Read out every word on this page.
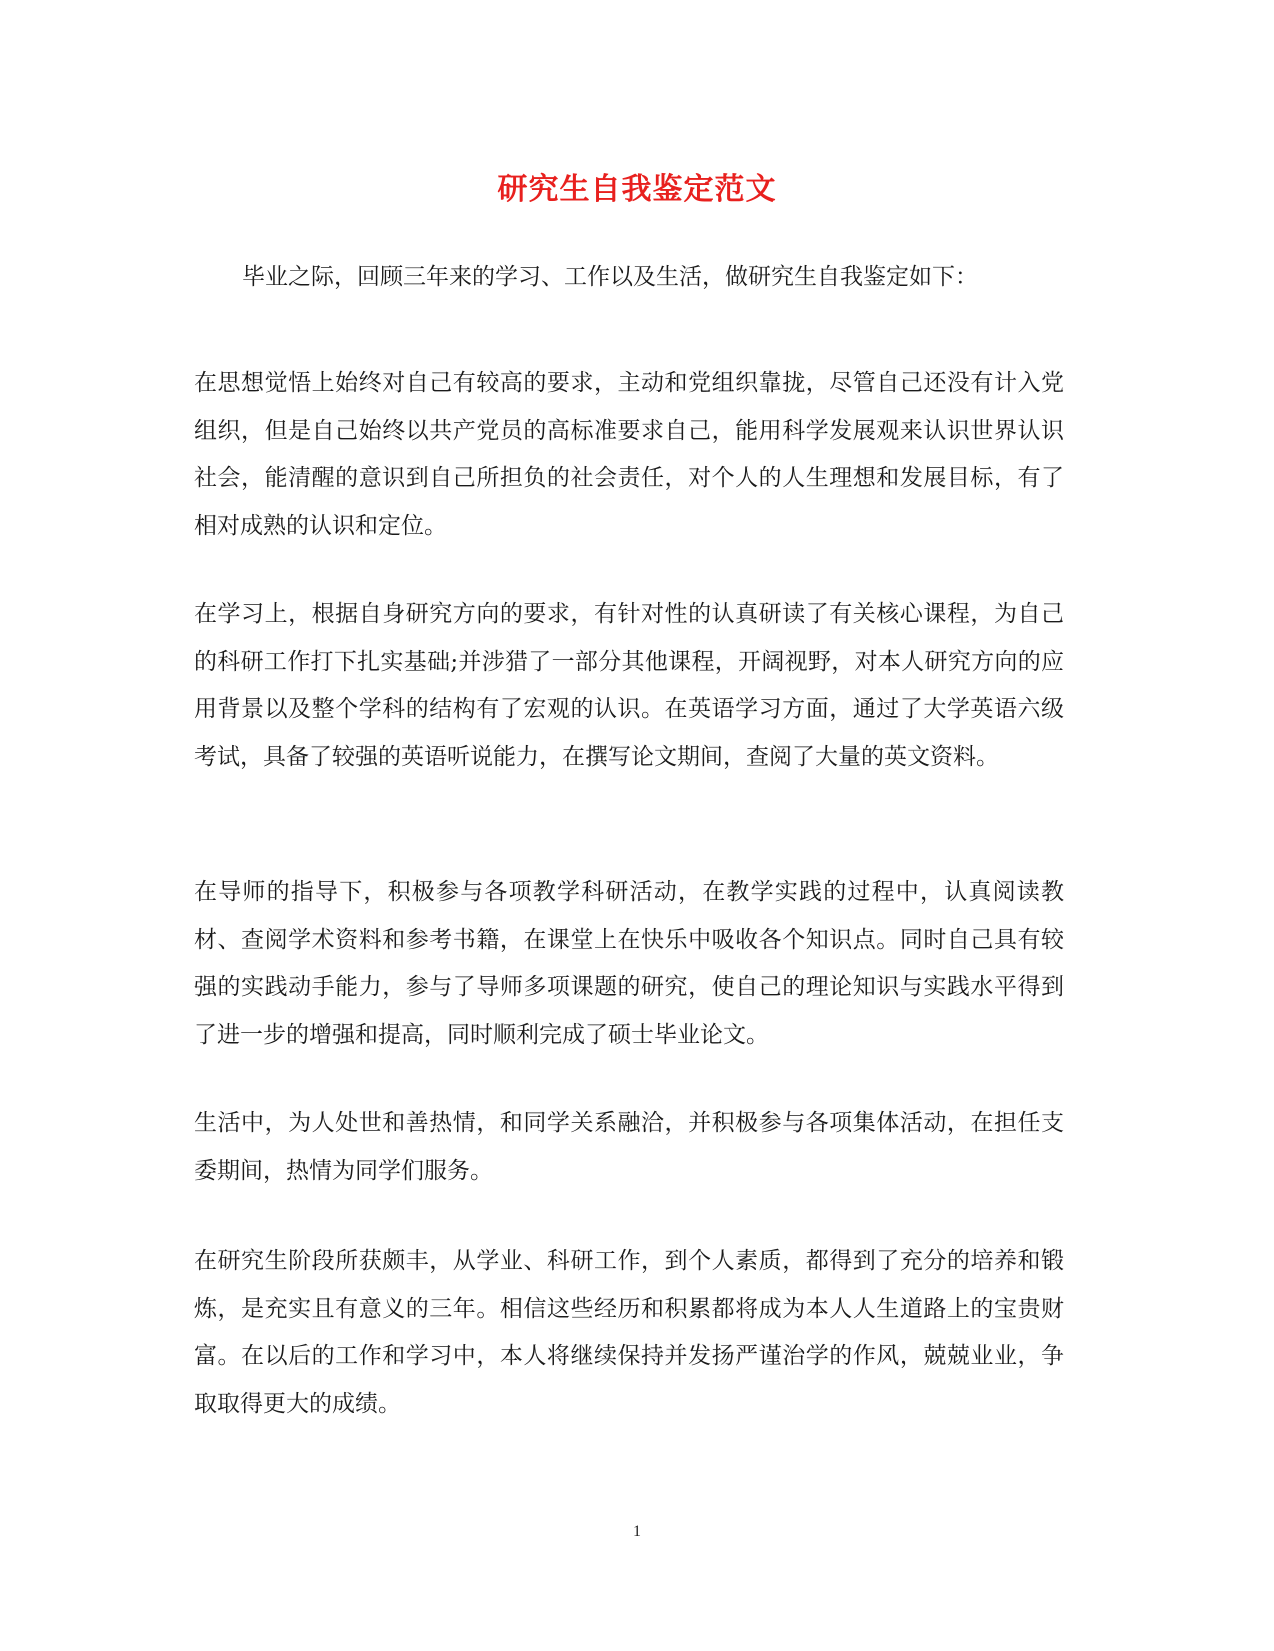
研究生自我鉴定范文

毕业之际，回顾三年来的学习、工作以及生活，做研究生自我鉴定如下：

在思想觉悟上始终对自己有较高的要求，主动和党组织靠拢，尽管自己还没有计入党组织，但是自己始终以共产党员的高标准要求自己，能用科学发展观来认识世界认识社会，能清醒的意识到自己所担负的社会责任，对个人的人生理想和发展目标，有了相对成熟的认识和定位。

在学习上，根据自身研究方向的要求，有针对性的认真研读了有关核心课程，为自己的科研工作打下扎实基础;并涉猎了一部分其他课程，开阔视野，对本人研究方向的应用背景以及整个学科的结构有了宏观的认识。在英语学习方面，通过了大学英语六级考试，具备了较强的英语听说能力，在撰写论文期间，查阅了大量的英文资料。

在导师的指导下，积极参与各项教学科研活动，在教学实践的过程中，认真阅读教材、查阅学术资料和参考书籍，在课堂上在快乐中吸收各个知识点。同时自己具有较强的实践动手能力，参与了导师多项课题的研究，使自己的理论知识与实践水平得到了进一步的增强和提高，同时顺利完成了硕士毕业论文。

生活中，为人处世和善热情，和同学关系融洽，并积极参与各项集体活动，在担任支委期间，热情为同学们服务。

在研究生阶段所获颇丰，从学业、科研工作，到个人素质，都得到了充分的培养和锻炼，是充实且有意义的三年。相信这些经历和积累都将成为本人人生道路上的宝贵财富。在以后的工作和学习中，本人将继续保持并发扬严谨治学的作风，兢兢业业，争取取得更大的成绩。

1
